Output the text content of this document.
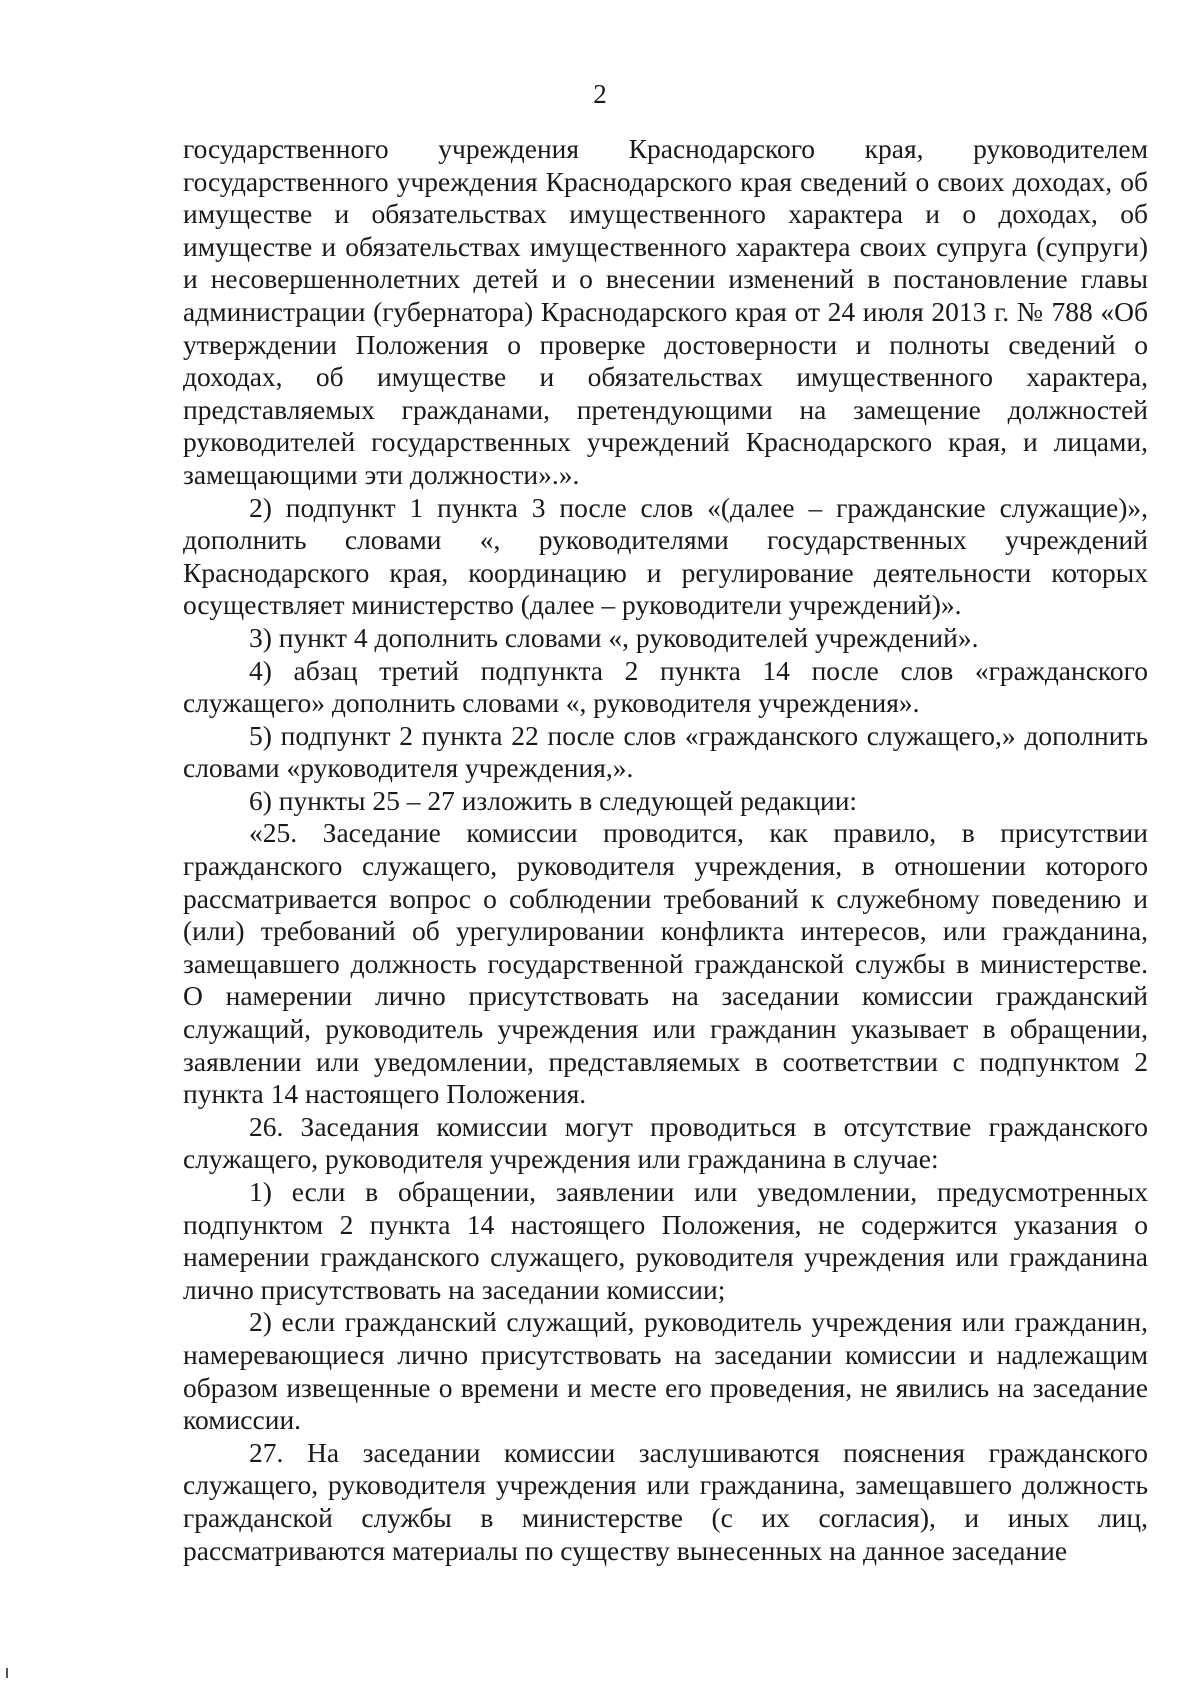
2

государственного учреждения Краснодарского края, руководителем государственного учреждения Краснодарского края сведений о своих доходах, об имуществе и обязательствах имущественного характера и о доходах, об имуществе и обязательствах имущественного характера своих супруга (супруги) и несовершеннолетних детей и о внесении изменений в постановление главы администрации (губернатора) Краснодарского края от 24 июля 2013 г. № 788 «Об утверждении Положения о проверке достоверности и полноты сведений о доходах, об имуществе и обязательствах имущественного характера, представляемых гражданами, претендующими на замещение должностей руководителей государственных учреждений Краснодарского края, и лицами, замещающими эти должности».».

2) подпункт 1 пункта 3 после слов «(далее – гражданские служащие)», дополнить словами «, руководителями государственных учреждений Краснодарского края, координацию и регулирование деятельности которых осуществляет министерство (далее – руководители учреждений)».

3) пункт 4 дополнить словами «, руководителей учреждений».

4) абзац третий подпункта 2 пункта 14 после слов «гражданского служащего» дополнить словами «, руководителя учреждения».

5) подпункт 2 пункта 22 после слов «гражданского служащего,» дополнить словами «руководителя учреждения,».

6) пункты 25 – 27 изложить в следующей редакции:

«25. Заседание комиссии проводится, как правило, в присутствии гражданского служащего, руководителя учреждения, в отношении которого рассматривается вопрос о соблюдении требований к служебному поведению и (или) требований об урегулировании конфликта интересов, или гражданина, замещавшего должность государственной гражданской службы в министерстве. О намерении лично присутствовать на заседании комиссии гражданский служащий, руководитель учреждения или гражданин указывает в обращении, заявлении или уведомлении, представляемых в соответствии с подпунктом 2 пункта 14 настоящего Положения.

26. Заседания комиссии могут проводиться в отсутствие гражданского служащего, руководителя учреждения или гражданина в случае:

1) если в обращении, заявлении или уведомлении, предусмотренных подпунктом 2 пункта 14 настоящего Положения, не содержится указания о намерении гражданского служащего, руководителя учреждения или гражданина лично присутствовать на заседании комиссии;

2) если гражданский служащий, руководитель учреждения или гражданин, намеревающиеся лично присутствовать на заседании комиссии и надлежащим образом извещенные о времени и месте его проведения, не явились на заседание комиссии.

27. На заседании комиссии заслушиваются пояснения гражданского служащего, руководителя учреждения или гражданина, замещавшего должность гражданской службы в министерстве (с их согласия), и иных лиц, рассматриваются материалы по существу вынесенных на данное заседание
